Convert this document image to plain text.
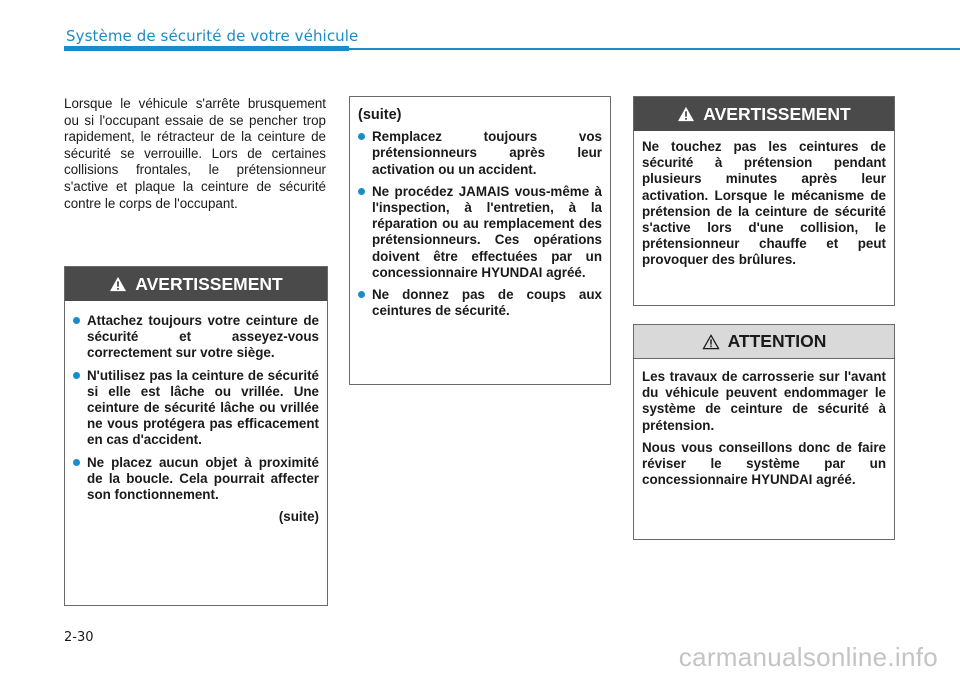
Système de sécurité de votre véhicule

Lorsque le véhicule s'arrête brusquement ou si l'occupant essaie de se pencher trop rapidement, le rétracteur de la ceinture de sécurité se verrouille. Lors de certaines collisions frontales, le prétensionneur s'active et plaque la ceinture de sécurité contre le corps de l'occupant.

AVERTISSEMENT
Attachez toujours votre ceinture de sécurité et asseyez-vous correctement sur votre siège.
N'utilisez pas la ceinture de sécurité si elle est lâche ou vrillée. Une ceinture de sécurité lâche ou vrillée ne vous protégera pas efficacement en cas d'accident.
Ne placez aucun objet à proximité de la boucle. Cela pourrait affecter son fonctionnement.
(suite)
(suite)
Remplacez toujours vos prétensionneurs après leur activation ou un accident.
Ne procédez JAMAIS vous-même à l'inspection, à l'entretien, à la réparation ou au remplacement des prétensionneurs. Ces opérations doivent être effectuées par un concessionnaire HYUNDAI agréé.
Ne donnez pas de coups aux ceintures de sécurité.
AVERTISSEMENT

Ne touchez pas les ceintures de sécurité à prétension pendant plusieurs minutes après leur activation. Lorsque le mécanisme de prétension de la ceinture de sécurité s'active lors d'une collision, le prétensionneur chauffe et peut provoquer des brûlures.

ATTENTION

Les travaux de carrosserie sur l'avant du véhicule peuvent endommager le système de ceinture de sécurité à prétension.

Nous vous conseillons donc de faire réviser le système par un concessionnaire HYUNDAI agréé.

2-30
carmanualsonline.info
